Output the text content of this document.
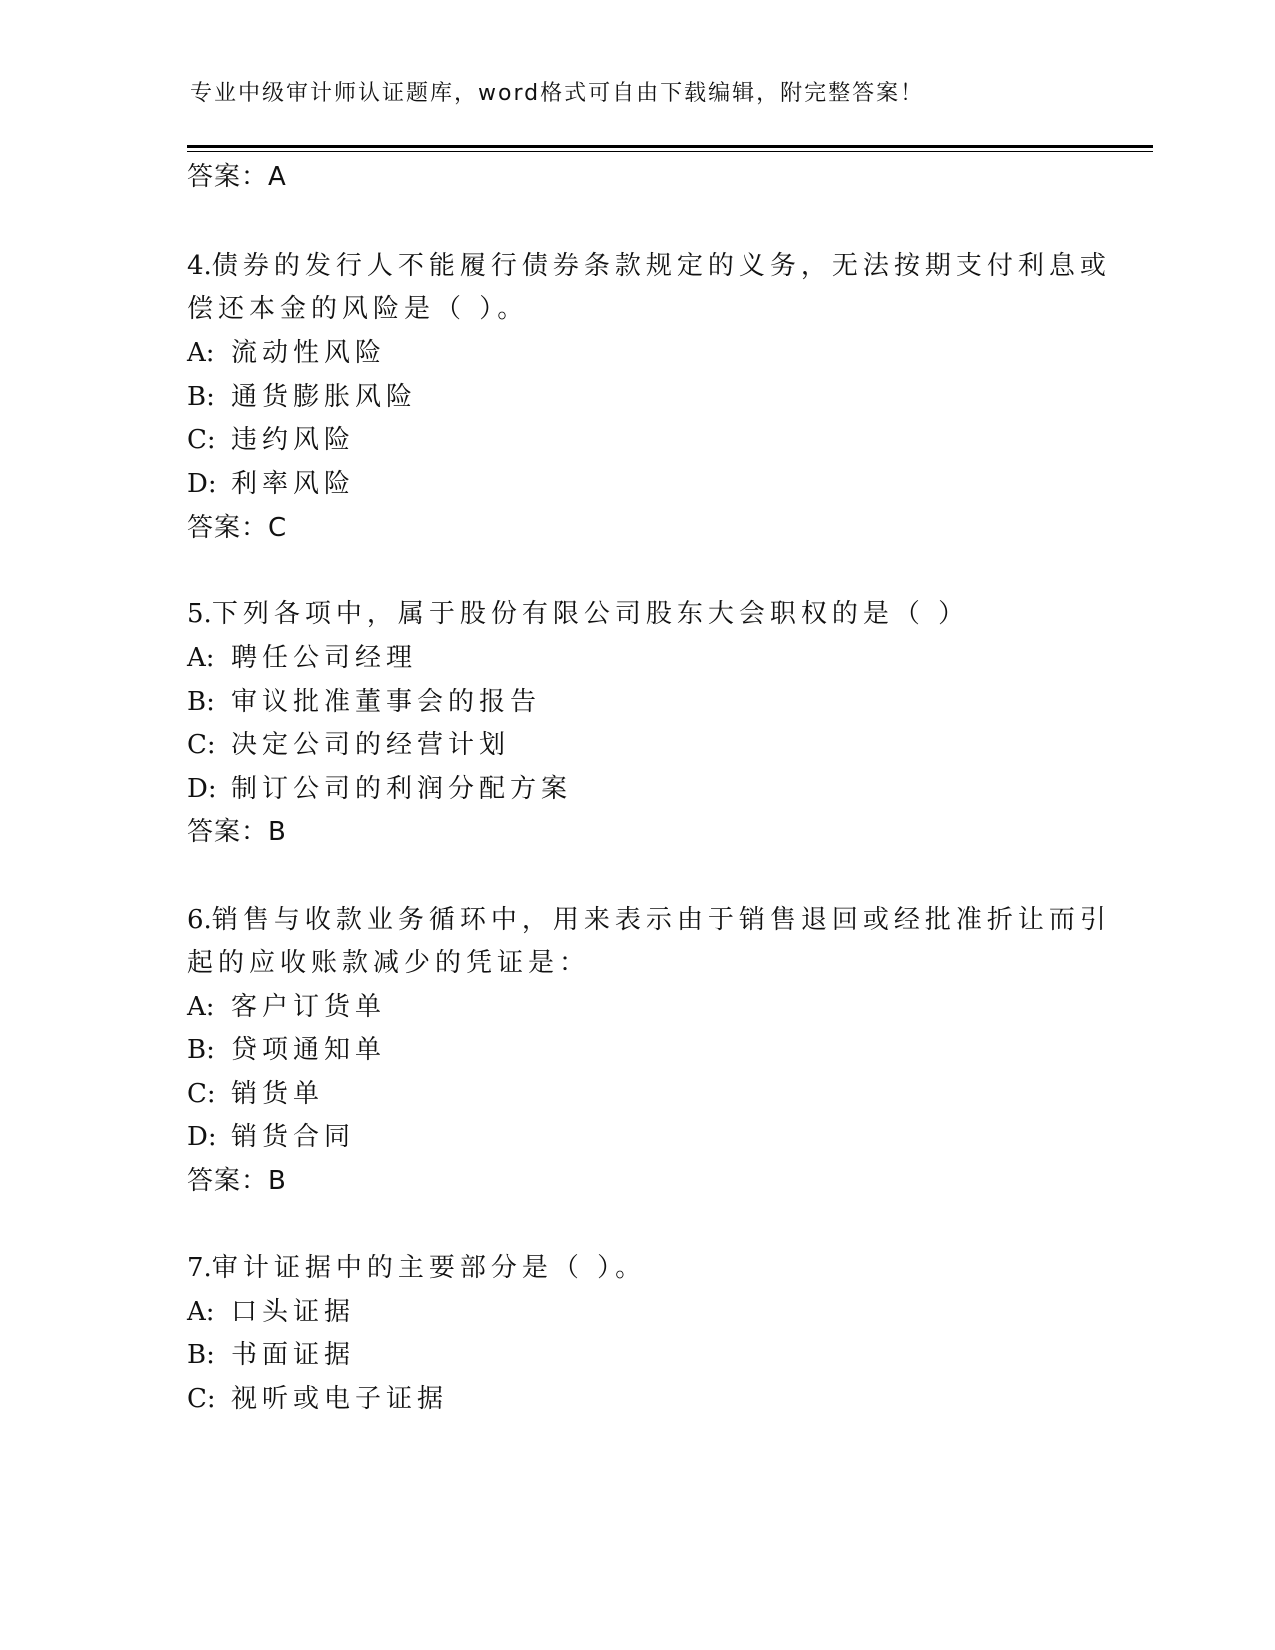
专业中级审计师认证题库，word格式可自由下载编辑，附完整答案！
答案：A
4.债券的发行人不能履行债券条款规定的义务，无法按期支付利息或
偿还本金的风险是（ ）。
A: 流动性风险
B: 通货膨胀风险
C: 违约风险
D: 利率风险
答案：C
5.下列各项中，属于股份有限公司股东大会职权的是（ ）
A: 聘任公司经理
B: 审议批准董事会的报告
C: 决定公司的经营计划
D: 制订公司的利润分配方案
答案：B
6.销售与收款业务循环中，用来表示由于销售退回或经批准折让而引
起的应收账款减少的凭证是：
A: 客户订货单
B: 贷项通知单
C: 销货单
D: 销货合同
答案：B
7.审计证据中的主要部分是（ ）。
A: 口头证据
B: 书面证据
C: 视听或电子证据
